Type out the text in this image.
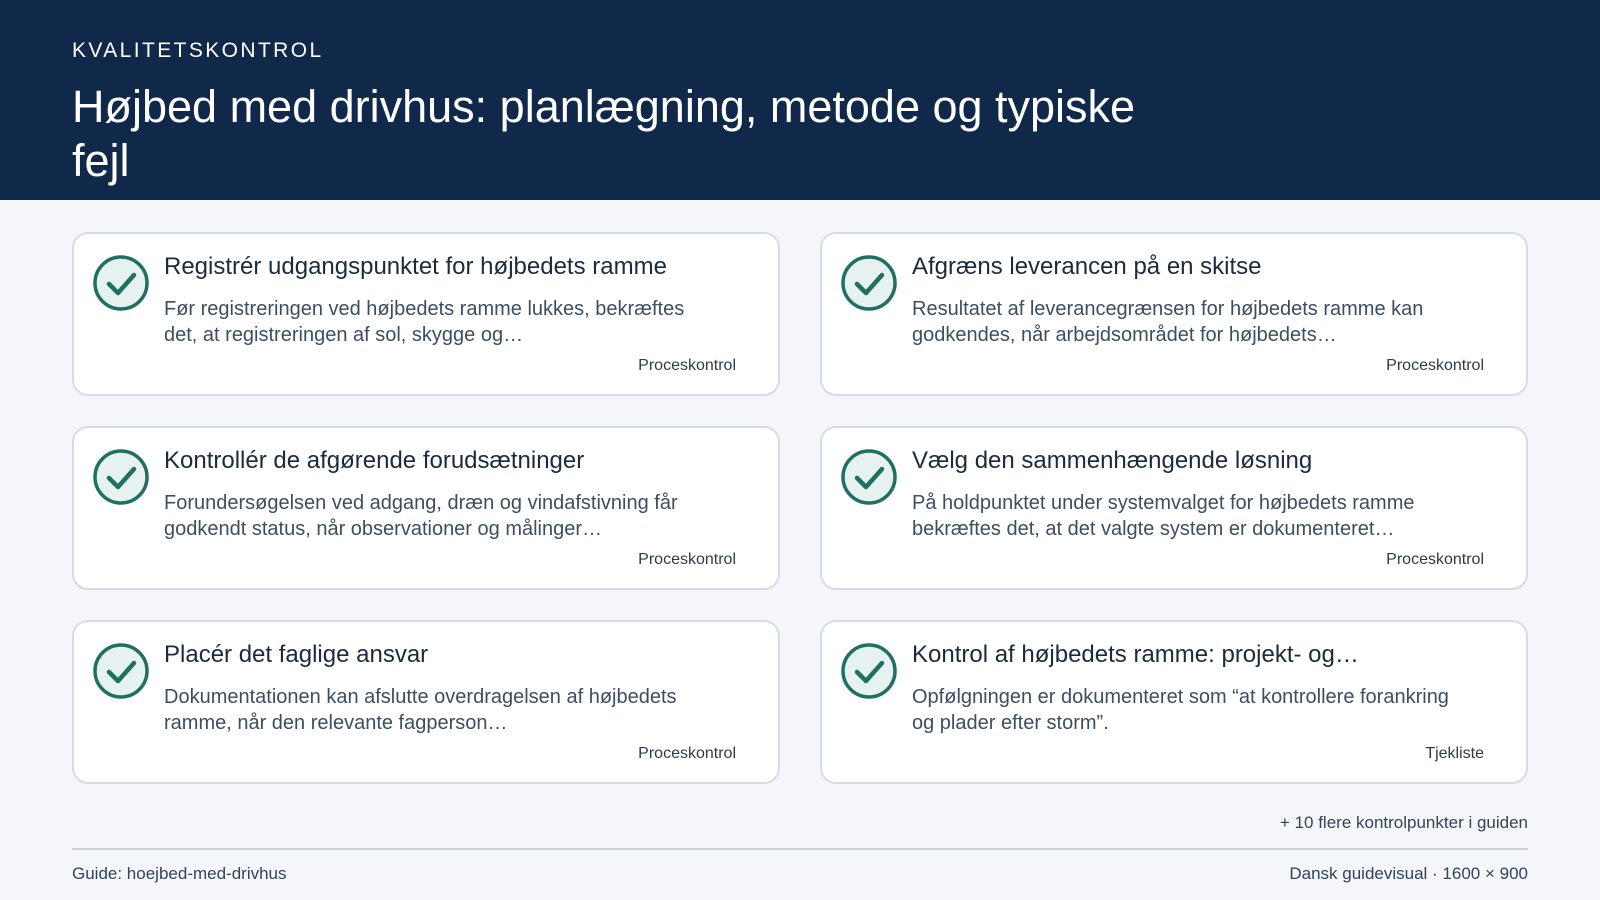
KVALITETSKONTROL
Højbed med drivhus: planlægning, metode og typiske fejl
Registrér udgangspunktet for højbedets ramme
Før registreringen ved højbedets ramme lukkes, bekræftes det, at registreringen af sol, skygge og…
Proceskontrol
Afgræns leverancen på en skitse
Resultatet af leverancegrænsen for højbedets ramme kan godkendes, når arbejdsområdet for højbedets…
Proceskontrol
Kontrollér de afgørende forudsætninger
Forundersøgelsen ved adgang, dræn og vindafstivning får godkendt status, når observationer og målinger…
Proceskontrol
Vælg den sammenhængende løsning
På holdpunktet under systemvalget for højbedets ramme bekræftes det, at det valgte system er dokumenteret…
Proceskontrol
Placér det faglige ansvar
Dokumentationen kan afslutte overdragelsen af højbedets ramme, når den relevante fagperson…
Proceskontrol
Kontrol af højbedets ramme: projekt- og…
Opfølgningen er dokumenteret som “at kontrollere forankring og plader efter storm”.
Tjekliste
+ 10 flere kontrolpunkter i guiden
Guide: hoejbed-med-drivhus	Dansk guidevisual · 1600 × 900
